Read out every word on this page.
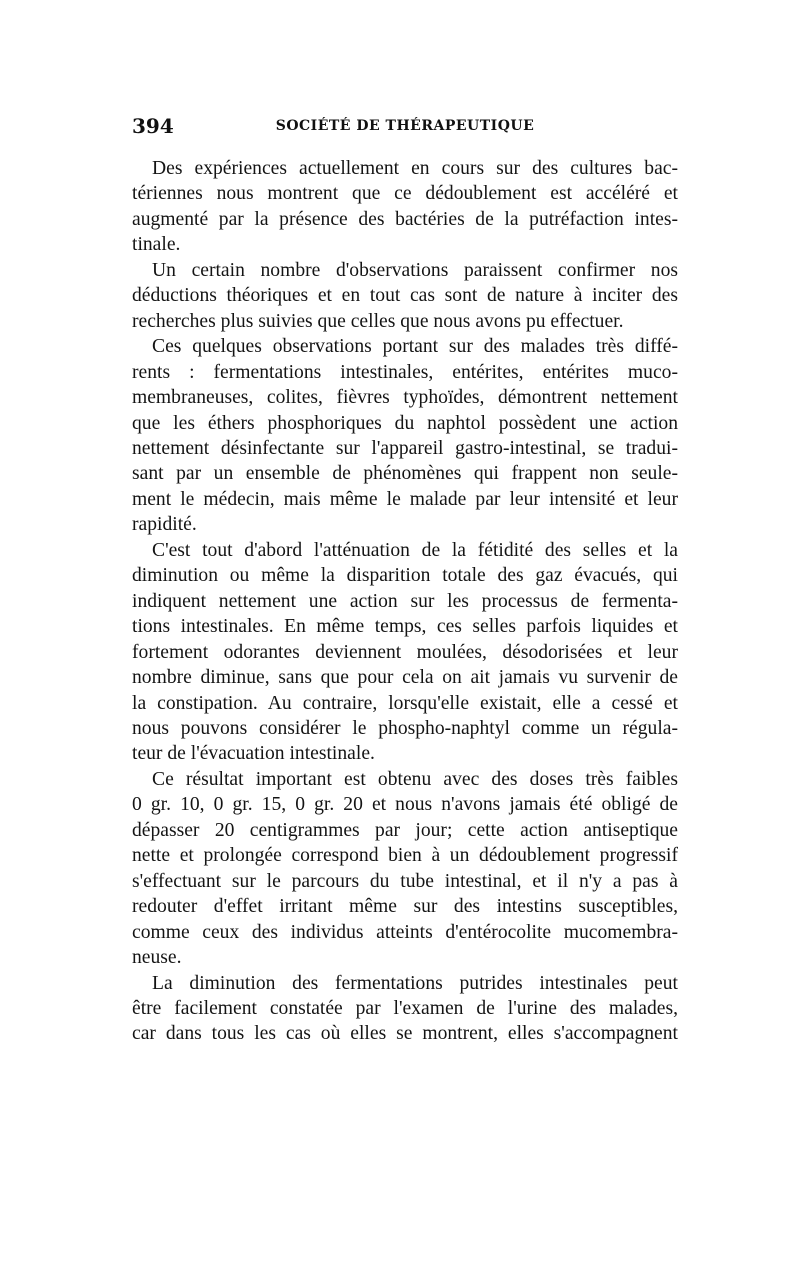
394	SOCIÉTÉ DE THÉRAPEUTIQUE

Des expériences actuellement en cours sur des cultures bac-
tériennes nous montrent que ce dédoublement est accéléré et
augmenté par la présence des bactéries de la putréfaction intes-
tinale.

Un certain nombre d'observations paraissent confirmer nos
déductions théoriques et en tout cas sont de nature à inciter des
recherches plus suivies que celles que nous avons pu effectuer.

Ces quelques observations portant sur des malades très diffé-
rents : fermentations intestinales, entérites, entérites muco-
membraneuses, colites, fièvres typhoïdes, démontrent nettement
que les éthers phosphoriques du naphtol possèdent une action
nettement désinfectante sur l'appareil gastro-intestinal, se tradui-
sant par un ensemble de phénomènes qui frappent non seule-
ment le médecin, mais même le malade par leur intensité et leur
rapidité.

C'est tout d'abord l'atténuation de la fétidité des selles et la
diminution ou même la disparition totale des gaz évacués, qui
indiquent nettement une action sur les processus de fermenta-
tions intestinales. En même temps, ces selles parfois liquides et
fortement odorantes deviennent moulées, désodorisées et leur
nombre diminue, sans que pour cela on ait jamais vu survenir de
la constipation. Au contraire, lorsqu'elle existait, elle a cessé et
nous pouvons considérer le phospho-naphtyl comme un régula-
teur de l'évacuation intestinale.

Ce résultat important est obtenu avec des doses très faibles
0 gr. 10, 0 gr. 15, 0 gr. 20 et nous n'avons jamais été obligé de
dépasser 20 centigrammes par jour; cette action antiseptique
nette et prolongée correspond bien à un dédoublement progressif
s'effectuant sur le parcours du tube intestinal, et il n'y a pas à
redouter d'effet irritant même sur des intestins susceptibles,
comme ceux des individus atteints d'entérocolite mucomembra-
neuse.

La diminution des fermentations putrides intestinales peut
être facilement constatée par l'examen de l'urine des malades,
car dans tous les cas où elles se montrent, elles s'accompagnent
